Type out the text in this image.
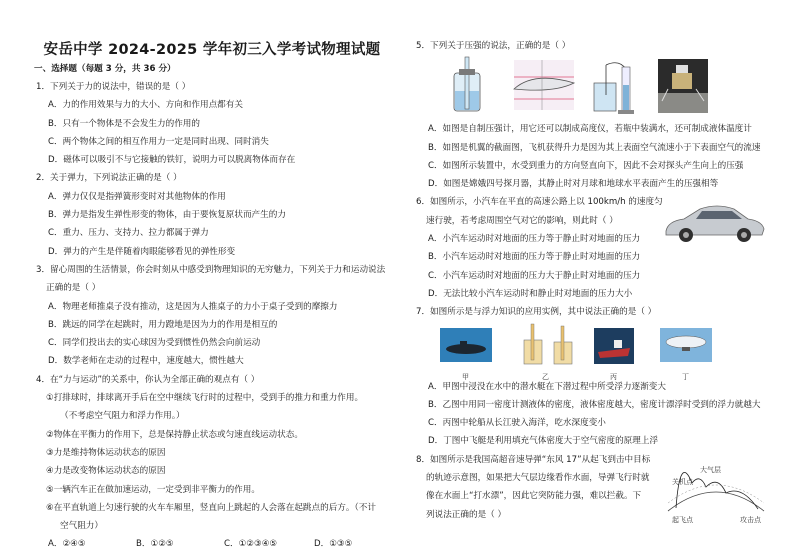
安岳中学 2024-2025 学年初三入学考试物理试题
一、选择题（每题 3 分，共 36 分）
1．下列关于力的说法中，错误的是（ ）
A．力的作用效果与力的大小、方向和作用点都有关
B．只有一个物体是不会发生力的作用的
C．两个物体之间的相互作用力一定是同时出现、同时消失
D．磁体可以吸引不与它接触的铁钉，说明力可以脱离物体而存在
2．关于弹力，下列说法正确的是（ ）
A．弹力仅仅是指弹簧形变时对其他物体的作用
B．弹力是指发生弹性形变的物体，由于要恢复原状而产生的力
C．重力、压力、支持力、拉力都属于弹力
D．弹力的产生是伴随着肉眼能够看见的弹性形变
3．留心周围的生活情景，你会时刻从中感受到物理知识的无穷魅力，下列关于力和运动说法
正确的是（ ）
A．物理老师推桌子没有推动，这是因为人推桌子的力小于桌子受到的摩擦力
B．跳远的同学在起跳时，用力蹬地是因为力的作用是相互的
C．同学们投出去的实心球因为受到惯性仍然会向前运动
D．数学老师在走动的过程中，速度越大，惯性越大
4．在“力与运动”的关系中，你认为全部正确的观点有（ ）
①打排球时，排球离开手后在空中继续飞行时的过程中，受到手的推力和重力作用。
（不考虑空气阻力和浮力作用。）
②物体在平衡力的作用下，总是保持静止状态或匀速直线运动状态。
③力是维持物体运动状态的原因
④力是改变物体运动状态的原因
⑤一辆汽车正在做加速运动，一定受到非平衡力的作用。
⑥在平直轨道上匀速行驶的火车车厢里，竖直向上跳起的人会落在起跳点的后方。（不计
空气阻力）
A．②④⑤	B．①②⑤	C．①②③④⑤	D．①③⑤
5．下列关于压强的说法，正确的是（ ）
A．如图是自制压强计，用它还可以制成高度仪，若瓶中装满水，还可制成液体温度计
B．如图是机翼的截面图，飞机获得升力是因为其上表面空气流速小于下表面空气的流速
C．如图所示装置中，水受到重力的方向竖直向下，因此不会对探头产生向上的压强
D．如图是嫦娥四号探月器，其静止时对月球和地球水平表面产生的压强相等
6．如图所示，小汽车在平直的高速公路上以 100km/h 的速度匀
速行驶，若考虑周围空气对它的影响，则此时（ ）
A．小汽车运动时对地面的压力等于静止时对地面的压力
B．小汽车运动时对地面的压力等于静止时对地面的压力
C．小汽车运动时对地面的压力大于静止时对地面的压力
D．无法比较小汽车运动时和静止时对地面的压力大小
7．如图所示是与浮力知识的应用实例，其中说法正确的是（ ）
甲	乙	丙	丁
A．甲图中浸没在水中的潜水艇在下潜过程中所受浮力逐渐变大
B．乙图中用同一密度计测液体的密度，液体密度越大，密度计漂浮时受到的浮力就越大
C．丙图中轮船从长江驶入海洋，吃水深度变小
D．丁图中飞艇是利用填充气体密度大于空气密度的原理上浮
8．如图所示是我国高超音速导弹“东风 17”从起飞到击中目标
的轨迹示意图，如果把大气层边缘看作水面，导弹飞行时就
像在水面上“打水漂”，因此它突防能力强，难以拦截。下
列说法正确的是（ ）
大气层
关机点
起飞点	攻击点
